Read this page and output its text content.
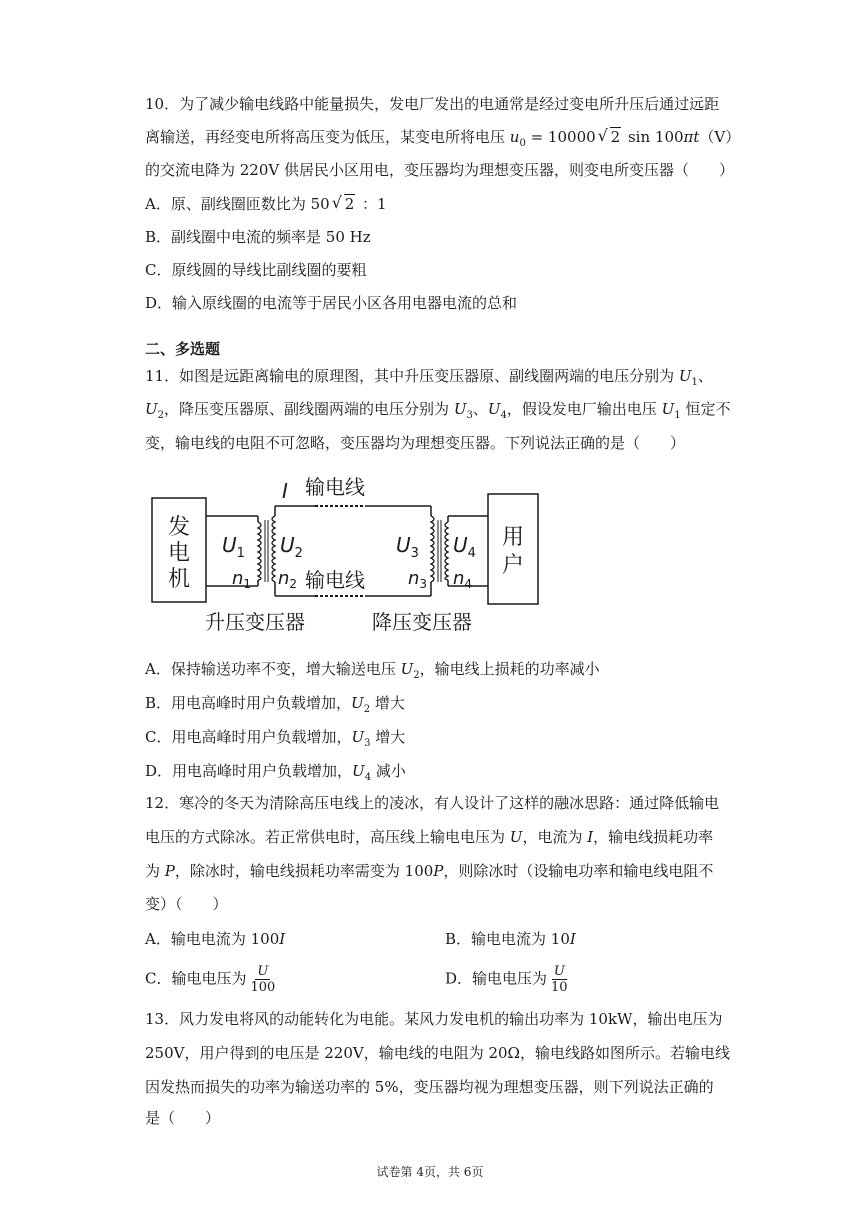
10．为了减少输电线路中能量损失，发电厂发出的电通常是经过变电所升压后通过远距
离输送，再经变电所将高压变为低压，某变电所将电压 $u_0 = 10000√$ 2 sin 100πt（V）
的交流电降为 220V 供居民小区用电，变压器均为理想变压器，则变电所变压器（　　）
A．原、副线圈匝数比为 50√ 2 ：1
B．副线圈中电流的频率是 50 Hz
C．原线圆的导线比副线圈的要粗
D．输入原线圈的电流等于居民小区各用电器电流的总和
二、多选题
11．如图是远距离输电的原理图，其中升压变压器原、副线圈两端的电压分别为 $U_1$、
$U_2$，降压变压器原、副线圈两端的电压分别为 $U_3$、$U_4$，假设发电厂输出电压 $U_1$ 恒定不
变，输电线的电阻不可忽略，变压器均为理想变压器。下列说法正确的是（　　）
发
电
机
用
户
I 输电线
输电线
$U_1$ $U_2$	$U_3$ $U_4$
$n_1$ $n_2$	$n_3$ $n_4$
升压变压器	降压变压器
A．保持输送功率不变，增大输送电压 $U_2$，输电线上损耗的功率减小
B．用电高峰时用户负载增加，$U_2$ 增大
C．用电高峰时用户负载增加，$U_3$ 增大
D．用电高峰时用户负载增加，$U_4$ 减小
12．寒冷的冬天为清除高压电线上的凌冰，有人设计了这样的融冰思路：通过降低输电
电压的方式除冰。若正常供电时，高压线上输电电压为 U，电流为 I，输电线损耗功率
为 P，除冰时，输电线损耗功率需变为 100P，则除冰时（设输电功率和输电线电阻不
变）（　　）
A．输电电流为 100I	B．输电电流为 10I
C．输电电压为 $\frac{U}{100}$	D．输电电压为 $\frac{U}{10}$
13．风力发电将风的动能转化为电能。某风力发电机的输出功率为 10kW，输出电压为
250V，用户得到的电压是 220V，输电线的电阻为 20Ω，输电线路如图所示。若输电线
因发热而损失的功率为输送功率的 5%，变压器均视为理想变压器，则下列说法正确的
是（　　）
试卷第 4页，共 6页
